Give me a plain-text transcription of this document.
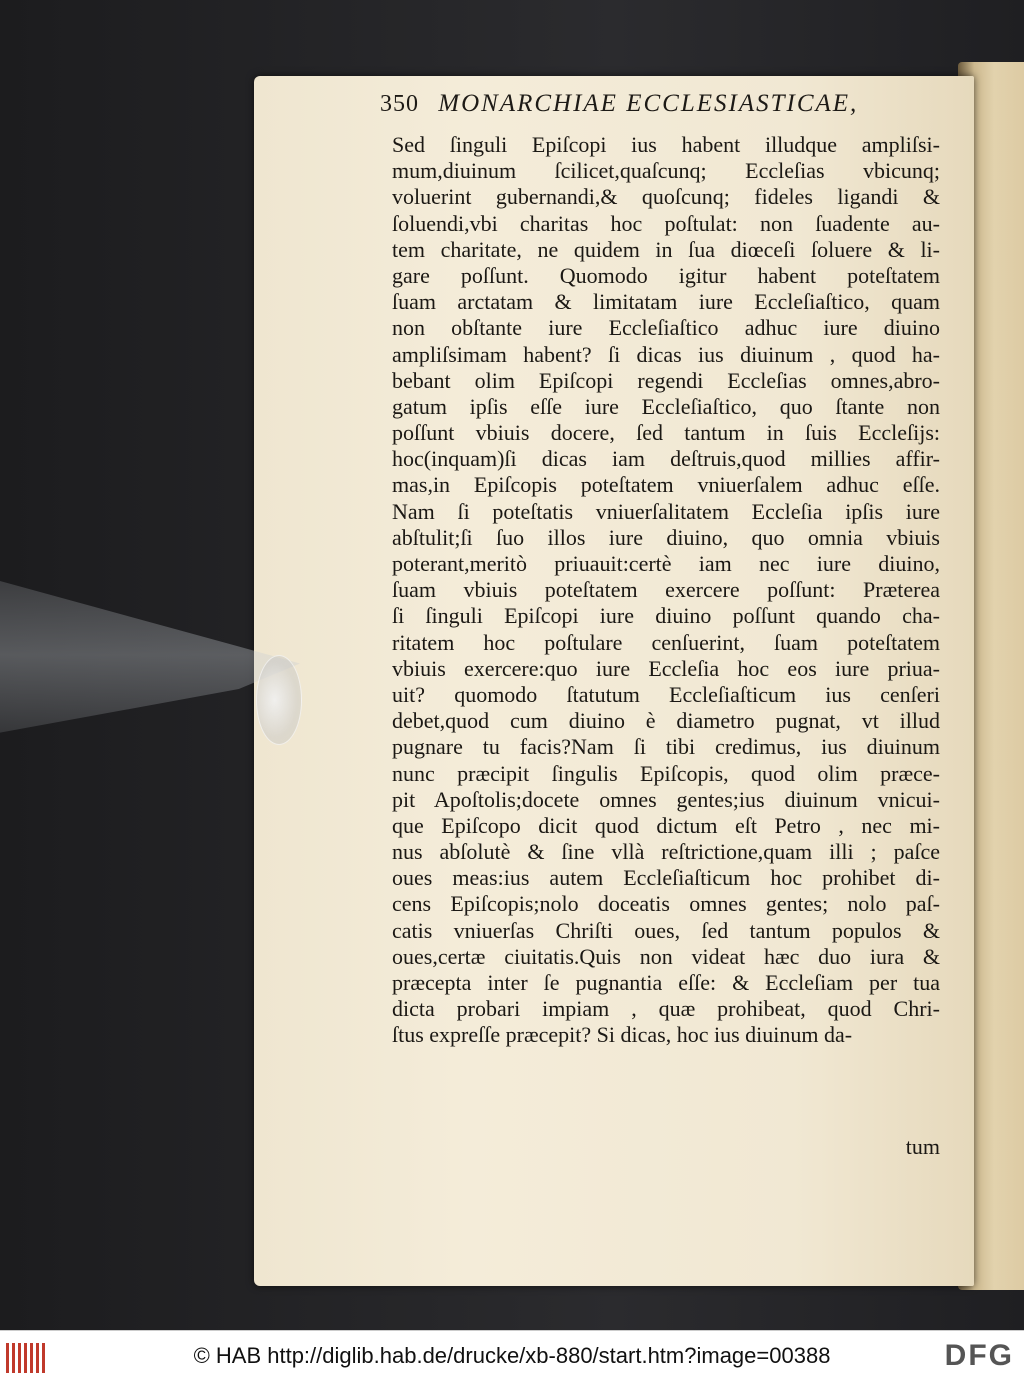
350 MONARCHIAE ECCLESIASTICAE,
Sed ſinguli Epiſcopi ius habent illudque ampliſsi-
mum,diuinum ſcilicet,quaſcunq; Eccleſias vbicunq;
voluerint gubernandi,& quoſcunq; fideles ligandi &
ſoluendi,vbi charitas hoc poſtulat: non ſuadente au-
tem charitate, ne quidem in ſua diœceſi ſoluere & li-
gare poſſunt. Quomodo igitur habent poteſtatem
ſuam arctatam & limitatam iure Eccleſiaſtico, quam
non obſtante iure Eccleſiaſtico adhuc iure diuino
ampliſsimam habent? ſi dicas ius diuinum , quod ha-
bebant olim Epiſcopi regendi Eccleſias omnes,abro-
gatum ipſis eſſe iure Eccleſiaſtico, quo ſtante non
poſſunt vbiuis docere, ſed tantum in ſuis Eccleſijs:
hoc(inquam)ſi dicas iam deſtruis,quod millies affir-
mas,in Epiſcopis poteſtatem vniuerſalem adhuc eſſe.
Nam ſi poteſtatis vniuerſalitatem Eccleſia ipſis iure
abſtulit;ſi ſuo illos iure diuino, quo omnia vbiuis
poterant,meritò priuauit:certè iam nec iure diuino,
ſuam vbiuis poteſtatem exercere poſſunt: Præterea
ſi ſinguli Epiſcopi iure diuino poſſunt quando cha-
ritatem hoc poſtulare cenſuerint, ſuam poteſtatem
vbiuis exercere:quo iure Eccleſia hoc eos iure priua-
uit? quomodo ſtatutum Eccleſiaſticum ius cenſeri
debet,quod cum diuino è diametro pugnat, vt illud
pugnare tu facis?Nam ſi tibi credimus, ius diuinum
nunc præcipit ſingulis Epiſcopis, quod olim præce-
pit Apoſtolis;docete omnes gentes;ius diuinum vnicui-
que Epiſcopo dicit quod dictum eſt Petro , nec mi-
nus abſolutè & ſine vllà reſtrictione,quam illi ; paſce
oues meas:ius autem Eccleſiaſticum hoc prohibet di-
cens Epiſcopis;nolo doceatis omnes gentes; nolo paſ-
catis vniuerſas Chriſti oues, ſed tantum populos &
oues,certæ ciuitatis.Quis non videat hæc duo iura &
præcepta inter ſe pugnantia eſſe: & Eccleſiam per tua
dicta probari impiam , quæ prohibeat, quod Chri-
ſtus expreſſe præcepit? Si dicas, hoc ius diuinum da-
tum
© HAB http://diglib.hab.de/drucke/xb-880/start.htm?image=00388	DFG
